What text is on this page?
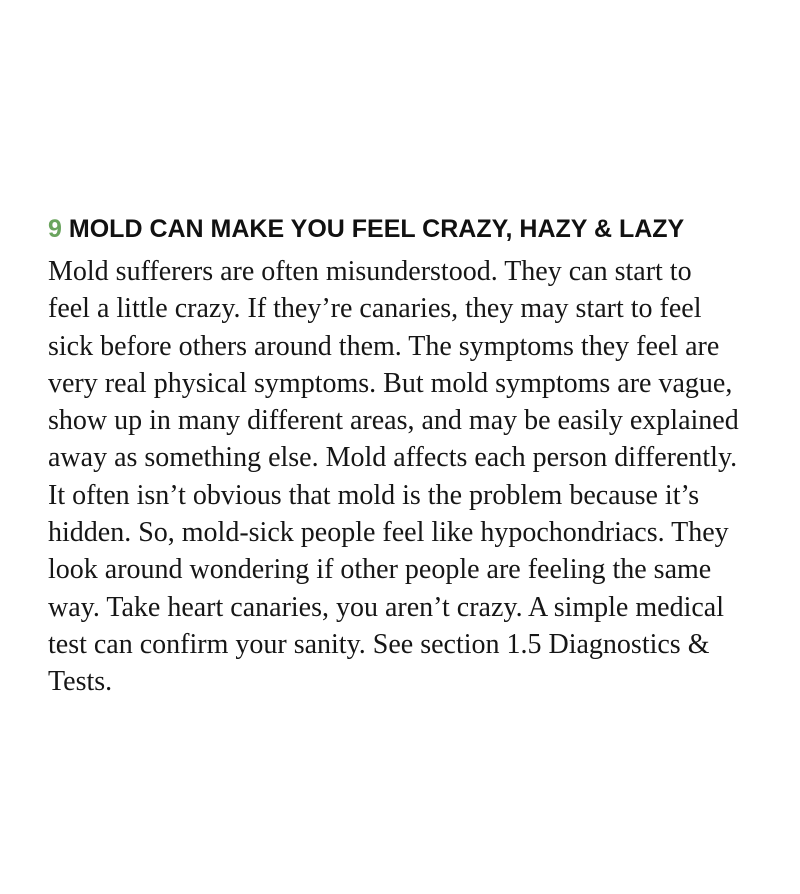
9 MOLD CAN MAKE YOU FEEL CRAZY, HAZY & LAZY
Mold sufferers are often misunderstood. They can start to
feel a little crazy. If they’re canaries, they may start to feel
sick before others around them. The symptoms they feel are
very real physical symptoms. But mold symptoms are vague,
show up in many different areas, and may be easily explained
away as something else. Mold affects each person differently.
It often isn’t obvious that mold is the problem because it’s
hidden. So, mold-sick people feel like hypochondriacs. They
look around wondering if other people are feeling the same
way. Take heart canaries, you aren’t crazy. A simple medical
test can confirm your sanity. See section 1.5 Diagnostics &
Tests.
